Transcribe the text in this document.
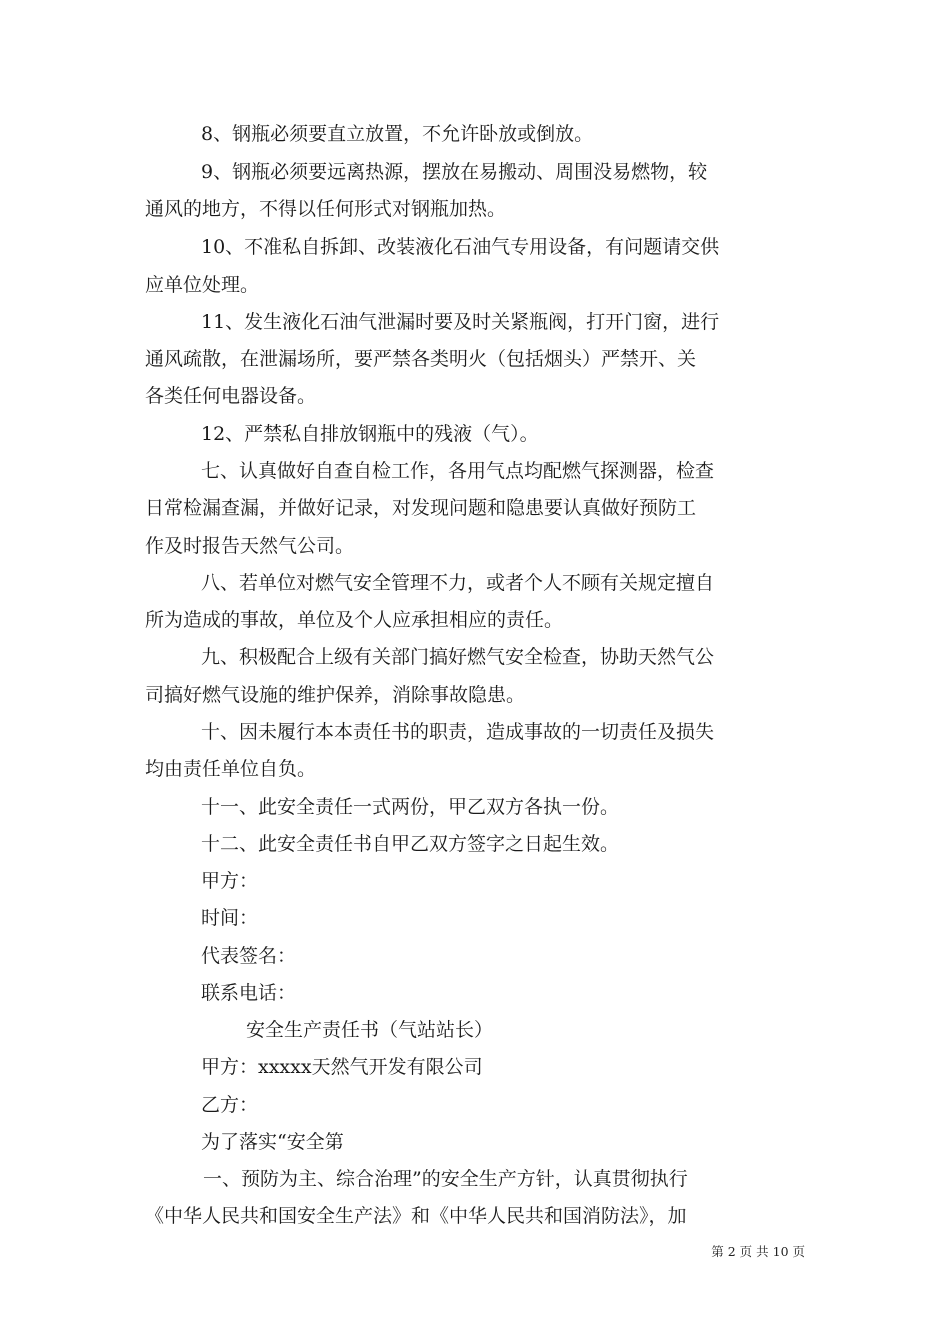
8、钢瓶必须要直立放置，不允许卧放或倒放。
9、钢瓶必须要远离热源，摆放在易搬动、周围没易燃物，较
通风的地方，不得以任何形式对钢瓶加热。
10、不准私自拆卸、改装液化石油气专用设备，有问题请交供
应单位处理。
11、发生液化石油气泄漏时要及时关紧瓶阀，打开门窗，进行
通风疏散，在泄漏场所，要严禁各类明火（包括烟头）严禁开、关
各类任何电器设备。
12、严禁私自排放钢瓶中的残液（气）。
七、认真做好自查自检工作，各用气点均配燃气探测器，检查
日常检漏查漏，并做好记录，对发现问题和隐患要认真做好预防工
作及时报告天然气公司。
八、若单位对燃气安全管理不力，或者个人不顾有关规定擅自
所为造成的事故，单位及个人应承担相应的责任。
九、积极配合上级有关部门搞好燃气安全检查，协助天然气公
司搞好燃气设施的维护保养，消除事故隐患。
十、因未履行本本责任书的职责，造成事故的一切责任及损失
均由责任单位自负。
十一、此安全责任一式两份，甲乙双方各执一份。
十二、此安全责任书自甲乙双方签字之日起生效。
甲方：
时间：
代表签名：
联系电话：
安全生产责任书（气站站长）
甲方：xxxxx天然气开发有限公司
乙方：
为了落实“安全第
一、预防为主、综合治理”的安全生产方针，认真贯彻执行
《中华人民共和国安全生产法》和《中华人民共和国消防法》，加
第 2 页 共 10 页
